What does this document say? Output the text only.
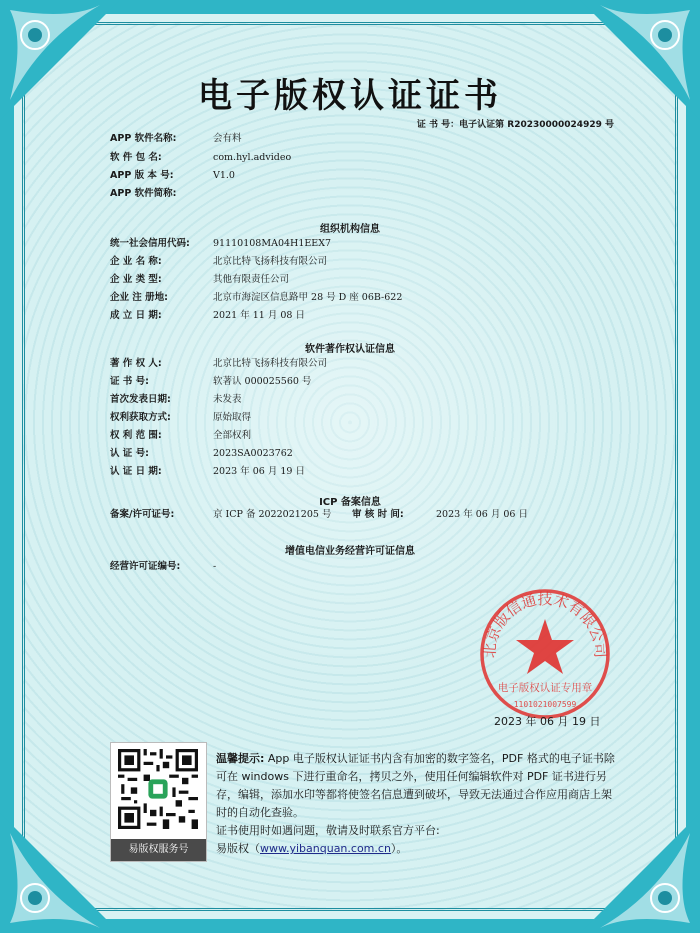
电子版权认证证书
证 书 号：电子认证第 R20230000024929 号
APP 软件名称:	会有料
软 件 包 名:	com.hyl.advideo
APP 版 本 号:	V1.0
APP 软件简称:
组织机构信息
统一社会信用代码: 91110108MA04H1EEX7
企 业 名 称:	北京比特飞扬科技有限公司
企 业 类 型:	其他有限责任公司
企业 注 册地:	北京市海淀区信息路甲 28 号 D 座 06B-622
成 立 日 期:	2021 年 11 月 08 日
软件著作权认证信息
著 作 权 人:	北京比特飞扬科技有限公司
证 书 号:	软著认 000025560 号
首次发表日期:	未发表
权利获取方式:	原始取得
权 利 范 围:	全部权利
认 证 号:	2023SA0023762
认 证 日 期:	2023 年 06 月 19 日
ICP 备案信息
备案/许可证号:	京 ICP 备 2022021205 号 审 核 时 间:	2023 年 06 月 06 日
增值电信业务经营许可证信息
经营许可证编号:	-
北京版信通技术有限公司
电子版权认证专用章
1101021007599
2023 年 06 月 19 日
易版权服务号
温馨提示: App 电子版权认证证书内含有加密的数字签名，PDF 格式的电子证书除可在 windows 下进行重命名，拷贝之外，使用任何编辑软件对 PDF 证书进行另存，编辑，添加水印等都将使签名信息遭到破坏，导致无法通过合作应用商店上架时的自动化查验。
证书使用时如遇问题，敬请及时联系官方平台:
易版权（www.yibanquan.com.cn）。
